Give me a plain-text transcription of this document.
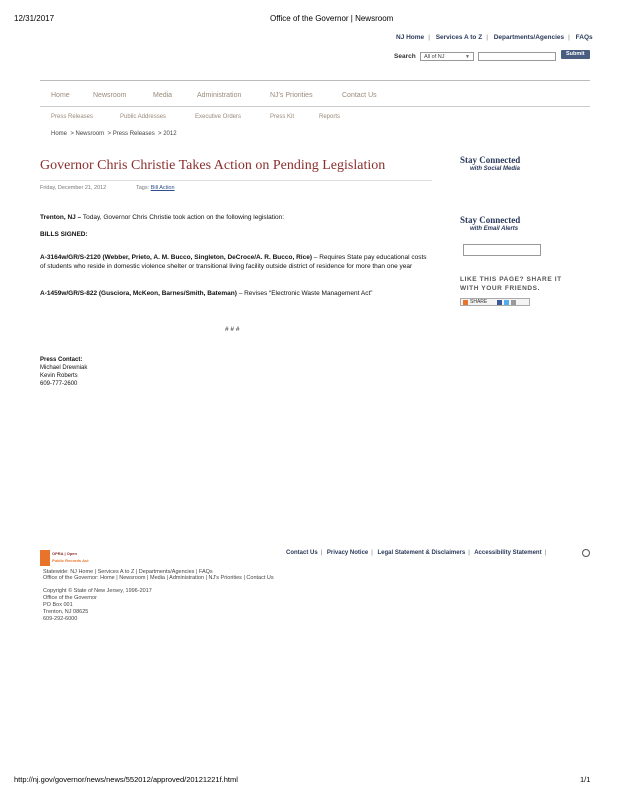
12/31/2017	Office of the Governor | Newsroom
NJ Home | Services A to Z | Departments/Agencies | FAQs
Search	All of NJ	▼	Submit
Home	Newsroom	Media	Administration	NJ's Priorities	Contact Us
Press Releases	Public Addresses	Executive Orders	Press Kit	Reports
Home  > Newsroom  > Press Releases  > 2012
Governor Chris Christie Takes Action on Pending Legislation
Friday, December 21, 2012	Tags: Bill Action
Trenton, NJ – Today, Governor Chris Christie took action on the following legislation:
BILLS SIGNED:
A-3164w/GR/S-2120 (Webber, Prieto, A. M. Bucco, Singleton, DeCroce/A. R. Bucco, Rice) – Requires State pay educational costs of students who reside in domestic violence shelter or transitional living facility outside district of residence for more than one year
A-1459w/GR/S-822 (Gusciora, McKeon, Barnes/Smith, Bateman) – Revises “Electronic Waste Management Act”
# # #
Press Contact:
Michael Drewniak
Kevin Roberts
609-777-2600
Stay Connected
with Social Media
Stay Connected
with Email Alerts
LIKE THIS PAGE? SHARE IT WITH YOUR FRIENDS.
SHARE
OPRA | Open
Public Records Act
Contact Us | Privacy Notice | Legal Statement & Disclaimers | Accessibility Statement |
Statewide: NJ Home | Services A to Z | Departments/Agencies | FAQs
Office of the Governor: Home | Newsroom | Media | Administration | NJ's Priorities | Contact Us
Copyright © State of New Jersey, 1996-2017
Office of the Governor
PO Box 001
Trenton, NJ 08625
609-292-6000
http://nj.gov/governor/news/news/552012/approved/20121221f.html	1/1
